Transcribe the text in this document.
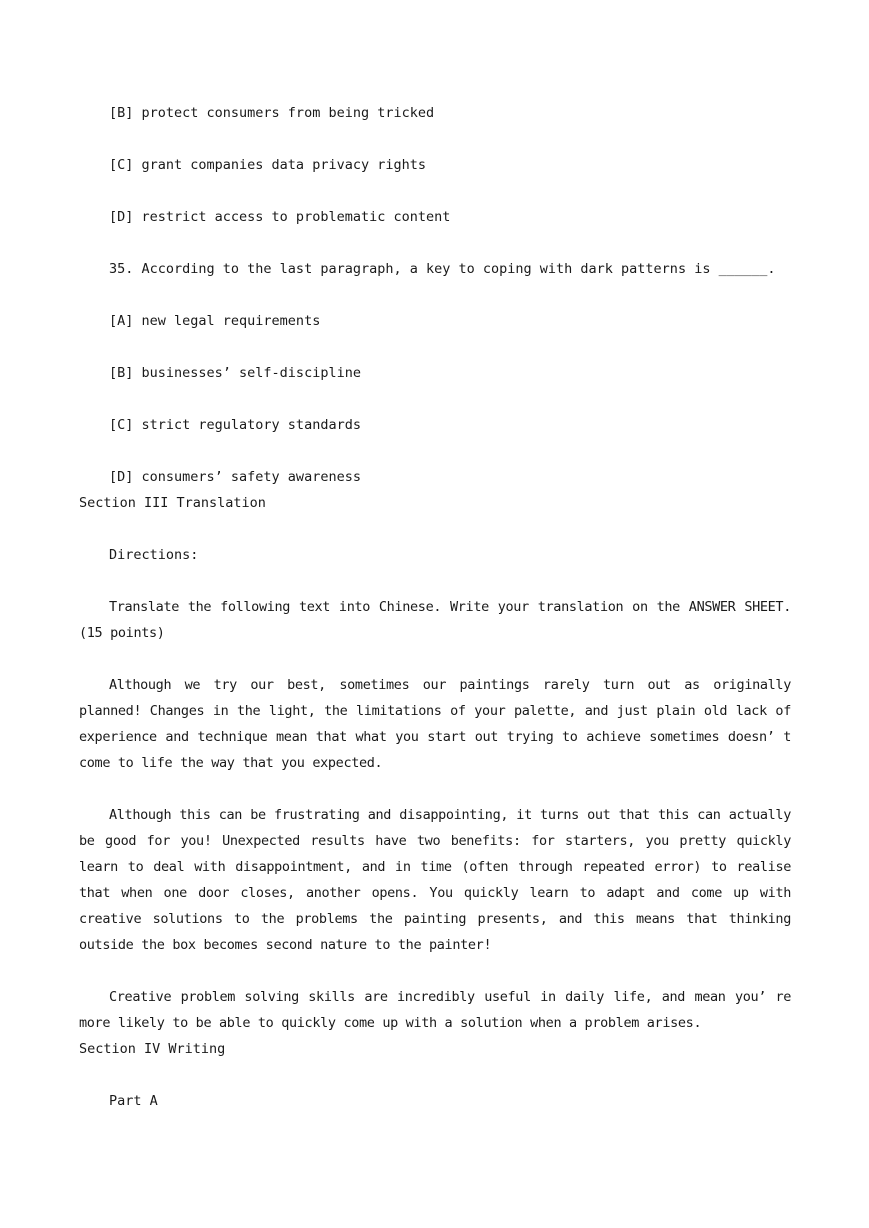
[B] protect consumers from being tricked
[C] grant companies data privacy rights
[D] restrict access to problematic content
35. According to the last paragraph, a key to coping with dark patterns is ______.
[A] new legal requirements
[B] businesses’ self-discipline
[C] strict regulatory standards
[D] consumers’ safety awareness
Section III Translation
Directions:

Translate the following text into Chinese. Write your translation on the ANSWER SHEET. (15 points)

Although we try our best, sometimes our paintings rarely turn out as originally planned! Changes in the light, the limitations of your palette, and just plain old lack of experience and technique mean that what you start out trying to achieve sometimes doesn’ t come to life the way that you expected.

Although this can be frustrating and disappointing, it turns out that this can actually be good for you! Unexpected results have two benefits: for starters, you pretty quickly learn to deal with disappointment, and in time (often through repeated error) to realise that when one door closes, another opens. You quickly learn to adapt and come up with creative solutions to the problems the painting presents, and this means that thinking outside the box becomes second nature to the painter!

Creative problem solving skills are incredibly useful in daily life, and mean you’ re more likely to be able to quickly come up with a solution when a problem arises.

Section IV Writing
Part A
